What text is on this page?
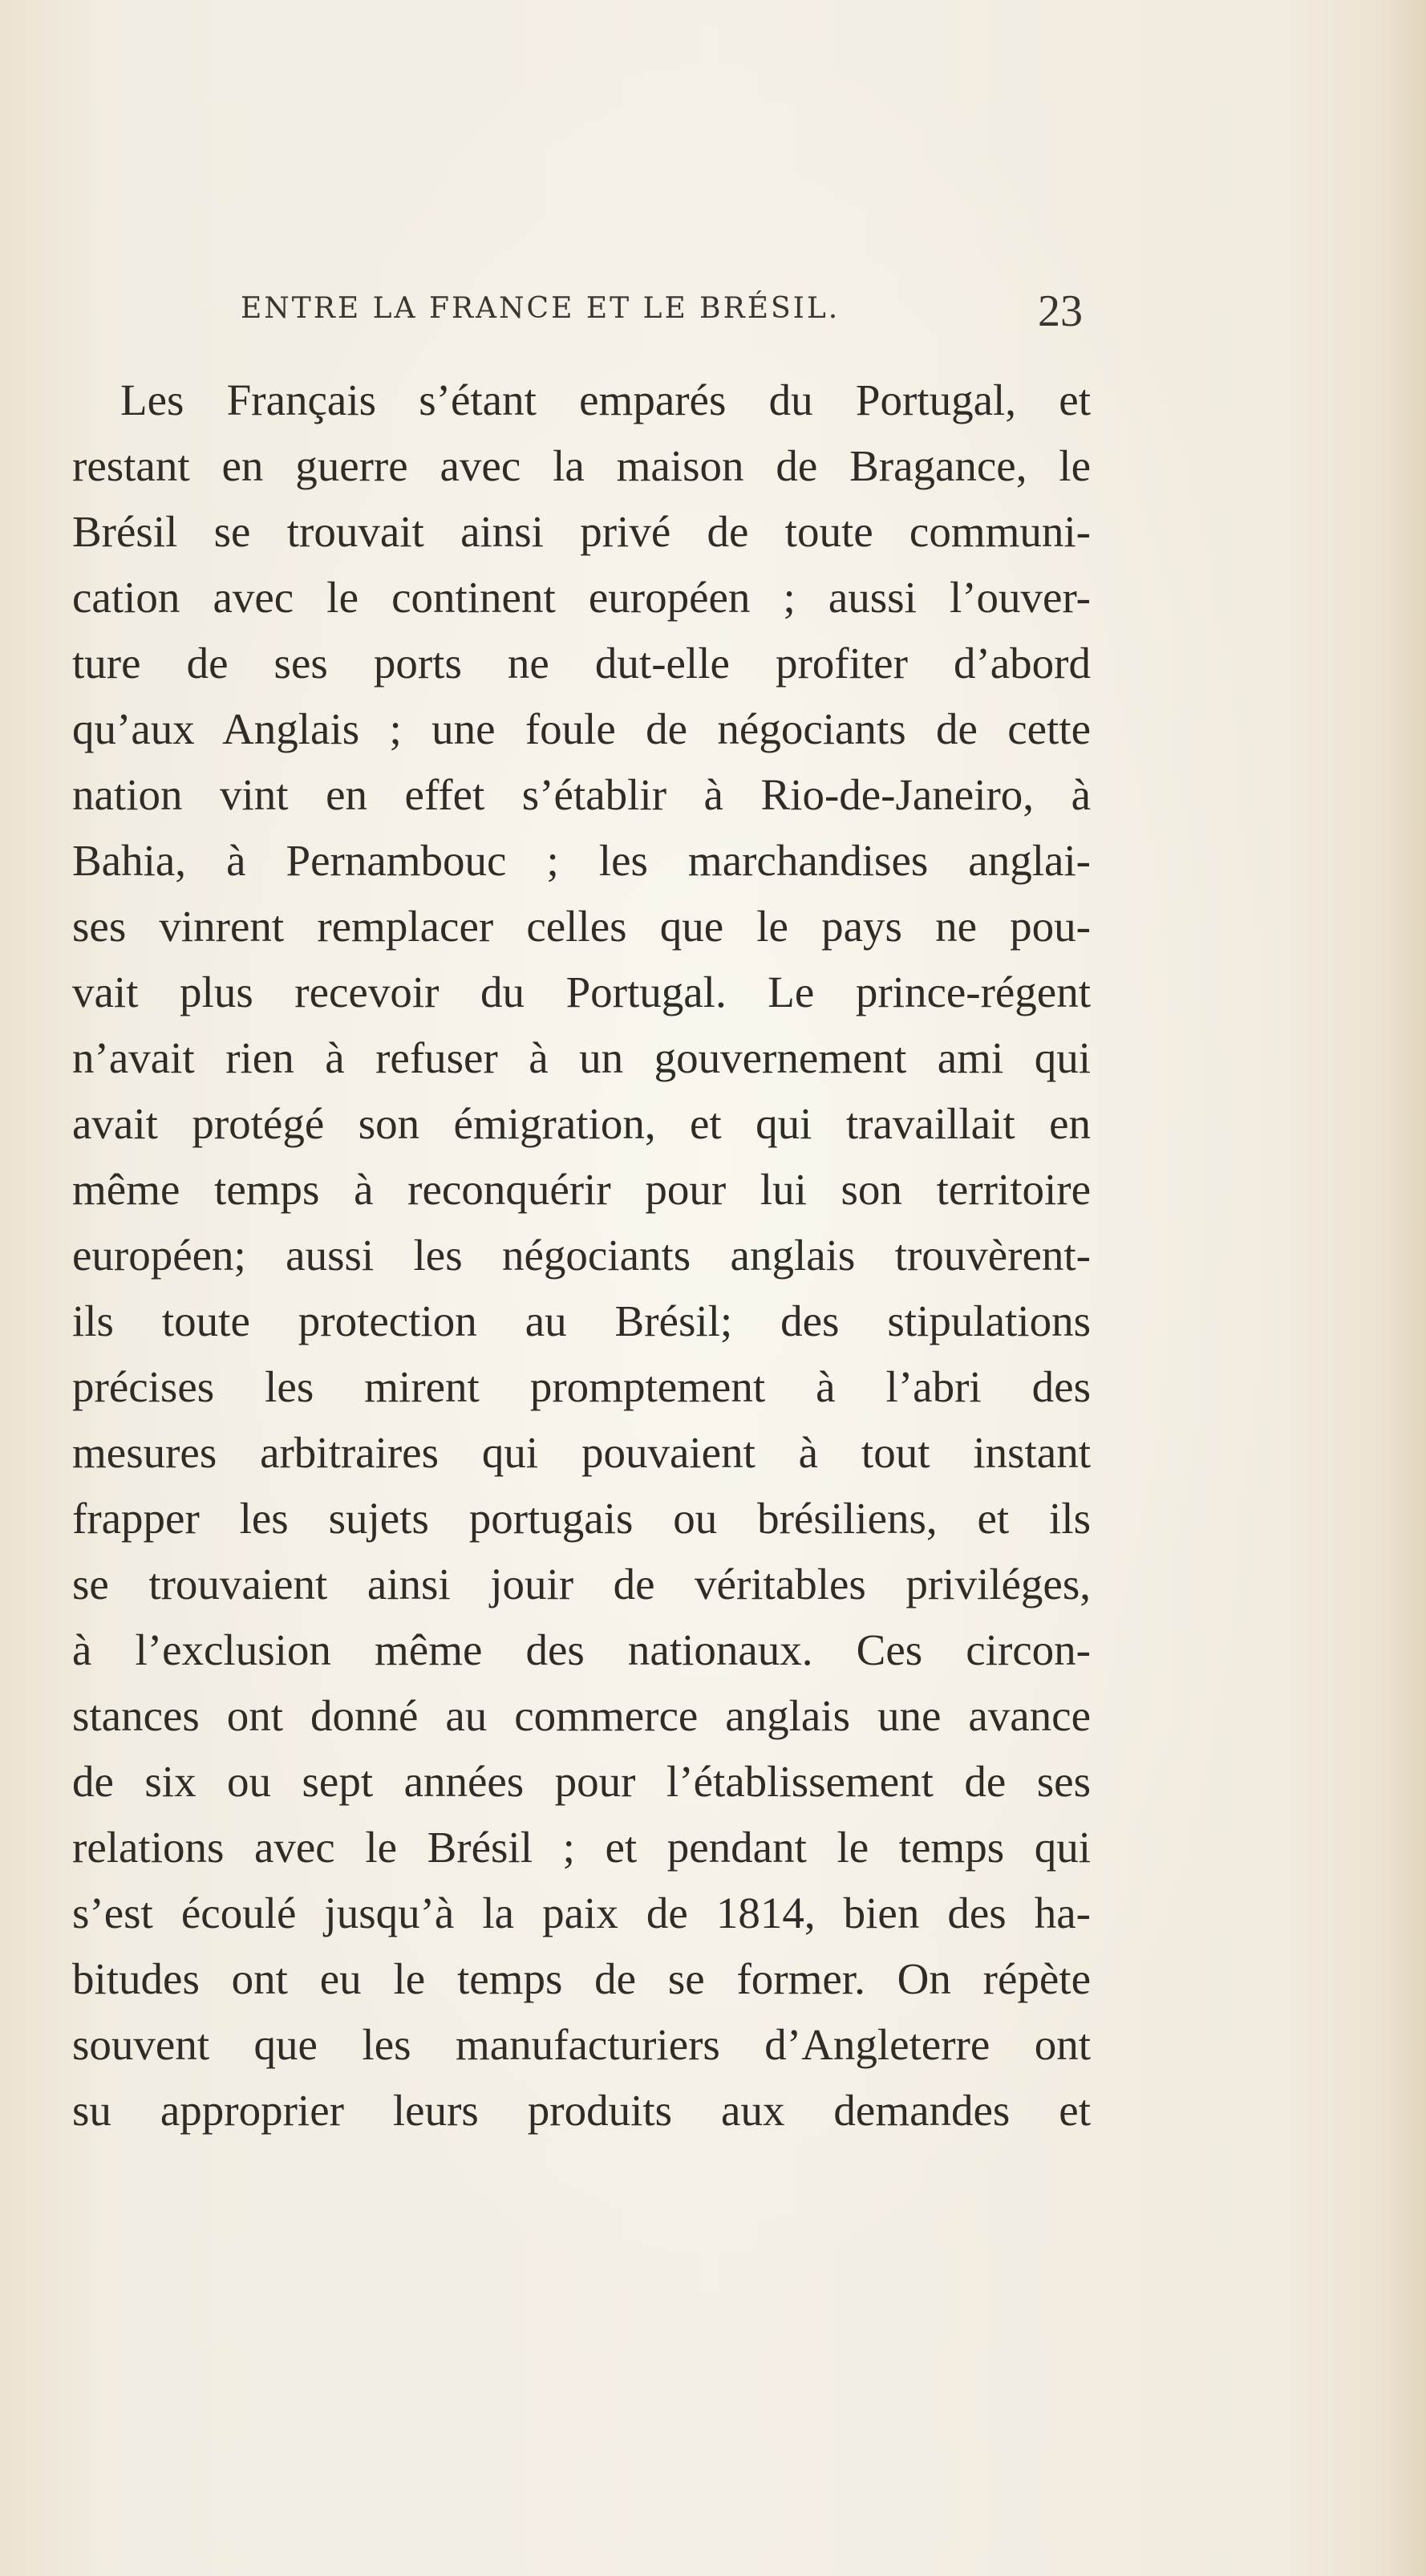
ENTRE LA FRANCE ET LE BRÉSIL.	23
Les Français s’étant emparés du Portugal, et
restant en guerre avec la maison de Bragance, le
Brésil se trouvait ainsi privé de toute communi-
cation avec le continent européen ; aussi l’ouver-
ture de ses ports ne dut-elle profiter d’abord
qu’aux Anglais ; une foule de négociants de cette
nation vint en effet s’établir à Rio-de-Janeiro, à
Bahia, à Pernambouc ; les marchandises anglai-
ses vinrent remplacer celles que le pays ne pou-
vait plus recevoir du Portugal. Le prince-régent
n’avait rien à refuser à un gouvernement ami qui
avait protégé son émigration, et qui travaillait en
même temps à reconquérir pour lui son territoire
européen; aussi les négociants anglais trouvèrent-
ils toute protection au Brésil; des stipulations
précises les mirent promptement à l’abri des
mesures arbitraires qui pouvaient à tout instant
frapper les sujets portugais ou brésiliens, et ils
se trouvaient ainsi jouir de véritables priviléges,
à l’exclusion même des nationaux. Ces circon-
stances ont donné au commerce anglais une avance
de six ou sept années pour l’établissement de ses
relations avec le Brésil ; et pendant le temps qui
s’est écoulé jusqu’à la paix de 1814, bien des ha-
bitudes ont eu le temps de se former. On répète
souvent que les manufacturiers d’Angleterre ont
su approprier leurs produits aux demandes et
